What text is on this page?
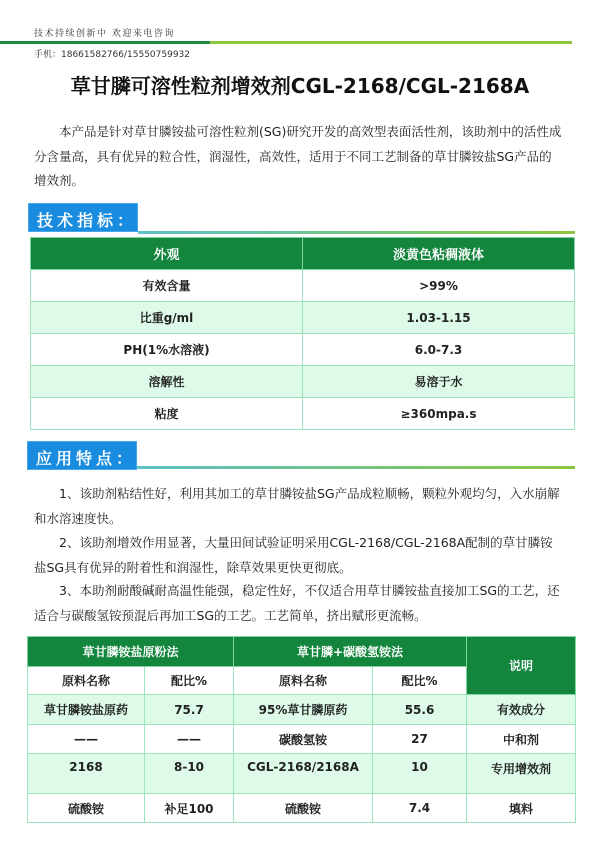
技术持续创新中 欢迎来电咨询
手机：18661582766/15550759932
草甘膦可溶性粒剂增效剂CGL-2168/CGL-2168A

本产品是针对草甘膦铵盐可溶性粒剂(SG)研究开发的高效型表面活性剂，该助剂中的活性成分含量高，具有优异的粒合性，润湿性，高效性，适用于不同工艺制备的草甘膦铵盐SG产品的增效剂。

技术指标：
外观	淡黄色粘稠液体
有效含量	>99%
比重g/ml	1.03-1.15
PH(1%水溶液)	6.0-7.3
溶解性	易溶于水
粘度	≥360mpa.s
应用特点：

1、该助剂粘结性好，利用其加工的草甘膦铵盐SG产品成粒顺畅，颗粒外观均匀，入水崩解和水溶速度快。

2、该助剂增效作用显著，大量田间试验证明采用CGL-2168/CGL-2168A配制的草甘膦铵盐SG具有优异的附着性和润湿性，除草效果更快更彻底。

3、本助剂耐酸碱耐高温性能强，稳定性好，不仅适合用草甘膦铵盐直接加工SG的工艺，还适合与碳酸氢铵预混后再加工SG的工艺。工艺简单，挤出赋形更流畅。

草甘膦铵盐原粉法		草甘膦+碳酸氢铵法		说明
原料名称	配比%	原料名称	配比%	
草甘膦铵盐原药	75.7	95%草甘膦原药	55.6	有效成分
——	——	碳酸氢铵	27	中和剂
2168	8-10	CGL-2168/2168A	10	专用增效剂
硫酸铵	补足100	硫酸铵	7.4	填料
